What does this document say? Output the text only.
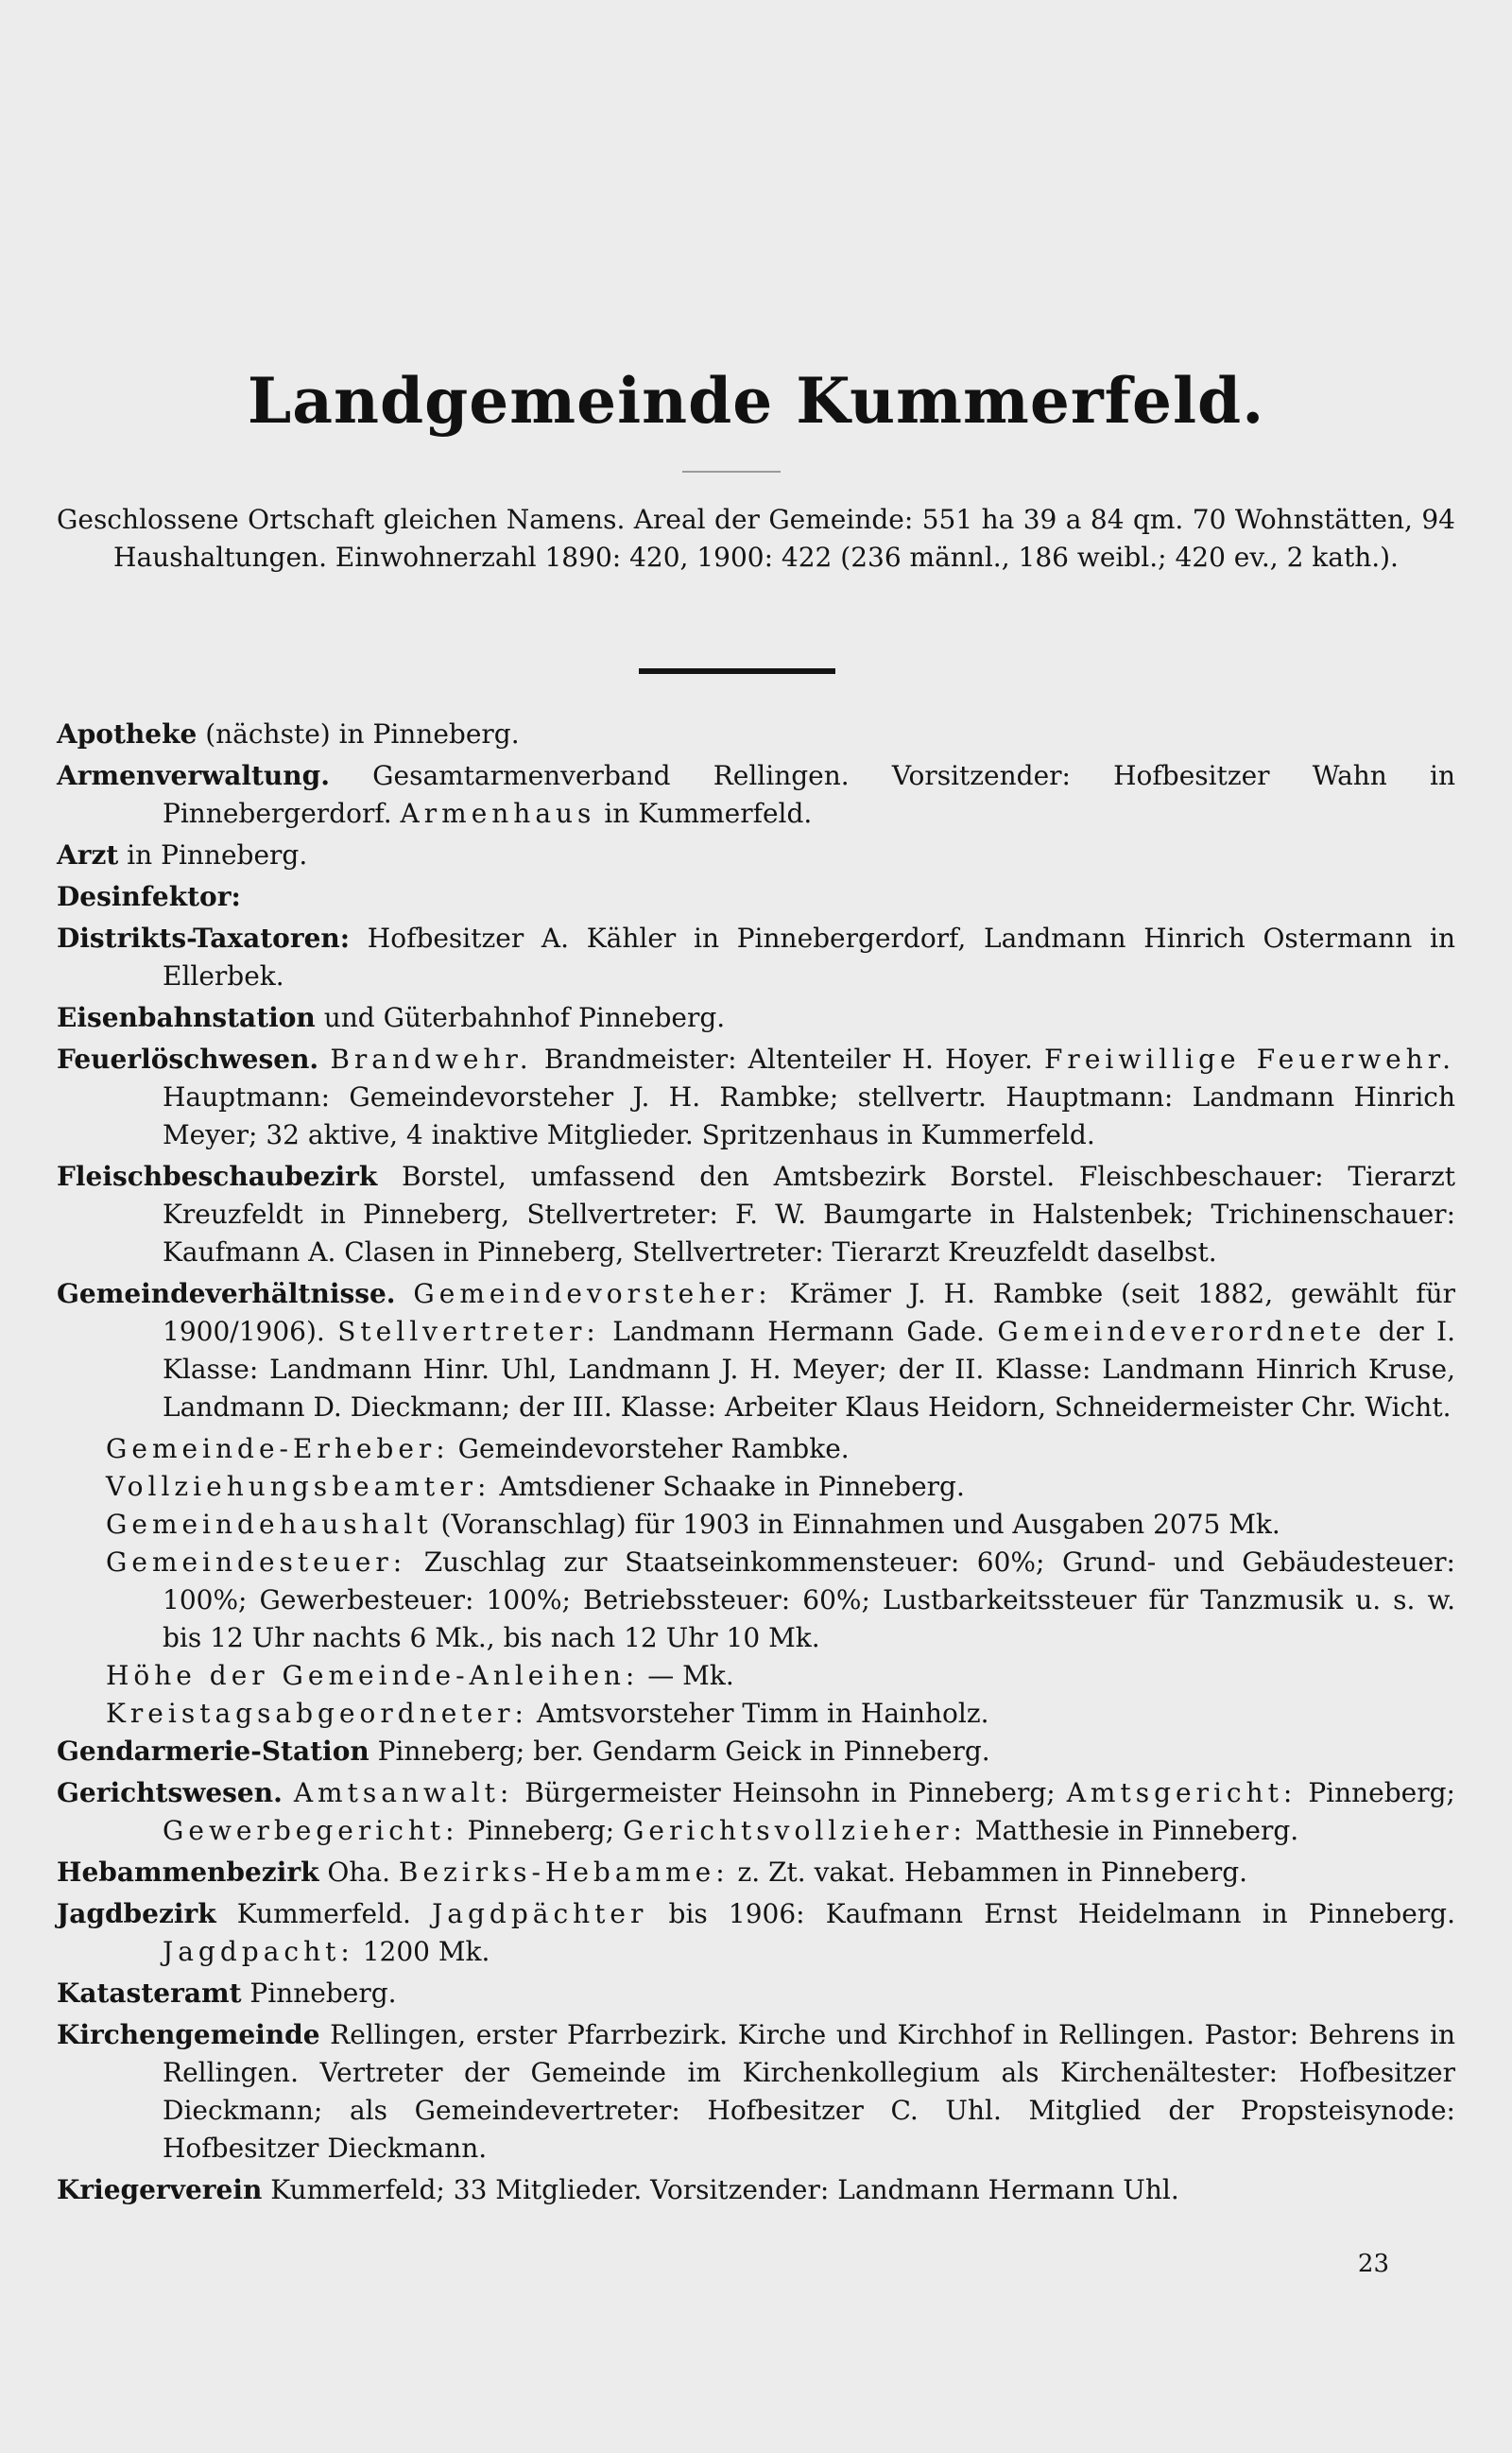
Landgemeinde Kummerfeld.
Geschlossene Ortschaft gleichen Namens. Areal der Gemeinde: 551 ha 39 a 84 qm. 70 Wohnstätten, 94 Haushaltungen. Einwohnerzahl 1890: 420, 1900: 422 (236 männl., 186 weibl.; 420 ev., 2 kath.).

Apotheke (nächste) in Pinneberg.

Armenverwaltung. Gesamtarmenverband Rellingen. Vorsitzender: Hofbesitzer Wahn in Pinnebergerdorf. Armenhaus in Kummerfeld.

Arzt in Pinneberg.

Desinfektor:

Distrikts-Taxatoren: Hofbesitzer A. Kähler in Pinnebergerdorf, Landmann Hinrich Ostermann in Ellerbek.

Eisenbahnstation und Güterbahnhof Pinneberg.

Feuerlöschwesen. Brandwehr. Brandmeister: Altenteiler H. Hoyer. Freiwillige Feuerwehr. Hauptmann: Gemeindevorsteher J. H. Rambke; stellvertr. Hauptmann: Landmann Hinrich Meyer; 32 aktive, 4 inaktive Mitglieder. Spritzenhaus in Kummerfeld.

Fleischbeschaubezirk Borstel, umfassend den Amtsbezirk Borstel. Fleischbeschauer: Tierarzt Kreuzfeldt in Pinneberg, Stellvertreter: F. W. Baumgarte in Halstenbek; Trichinenschauer: Kaufmann A. Clasen in Pinneberg, Stellvertreter: Tierarzt Kreuzfeldt daselbst.

Gemeindeverhältnisse. Gemeindevorsteher: Krämer J. H. Rambke (seit 1882, gewählt für 1900/1906). Stellvertreter: Landmann Hermann Gade. Gemeindeverordnete der I. Klasse: Landmann Hinr. Uhl, Landmann J. H. Meyer; der II. Klasse: Landmann Hinrich Kruse, Landmann D. Dieckmann; der III. Klasse: Arbeiter Klaus Heidorn, Schneidermeister Chr. Wicht.

Gemeinde-Erheber: Gemeindevorsteher Rambke.

Vollziehungsbeamter: Amtsdiener Schaake in Pinneberg.

Gemeindehaushalt (Voranschlag) für 1903 in Einnahmen und Ausgaben 2075 Mk.

Gemeindesteuer: Zuschlag zur Staatseinkommensteuer: 60%; Grund- und Gebäudesteuer: 100%; Gewerbesteuer: 100%; Betriebssteuer: 60%; Lustbarkeitssteuer für Tanzmusik u. s. w. bis 12 Uhr nachts 6 Mk., bis nach 12 Uhr 10 Mk.

Höhe der Gemeinde-Anleihen: — Mk.

Kreistagsabgeordneter: Amtsvorsteher Timm in Hainholz.

Gendarmerie-Station Pinneberg; ber. Gendarm Geick in Pinneberg.

Gerichtswesen. Amtsanwalt: Bürgermeister Heinsohn in Pinneberg; Amtsgericht: Pinneberg; Gewerbegericht: Pinneberg; Gerichtsvollzieher: Matthesie in Pinneberg.

Hebammenbezirk Oha. Bezirks-Hebamme: z. Zt. vakat. Hebammen in Pinneberg.

Jagdbezirk Kummerfeld. Jagdpächter bis 1906: Kaufmann Ernst Heidelmann in Pinneberg. Jagdpacht: 1200 Mk.

Katasteramt Pinneberg.

Kirchengemeinde Rellingen, erster Pfarrbezirk. Kirche und Kirchhof in Rellingen. Pastor: Behrens in Rellingen. Vertreter der Gemeinde im Kirchenkollegium als Kirchenältester: Hofbesitzer Dieckmann; als Gemeindevertreter: Hofbesitzer C. Uhl. Mitglied der Propsteisynode: Hofbesitzer Dieckmann.

Kriegerverein Kummerfeld; 33 Mitglieder. Vorsitzender: Landmann Hermann Uhl.

23
